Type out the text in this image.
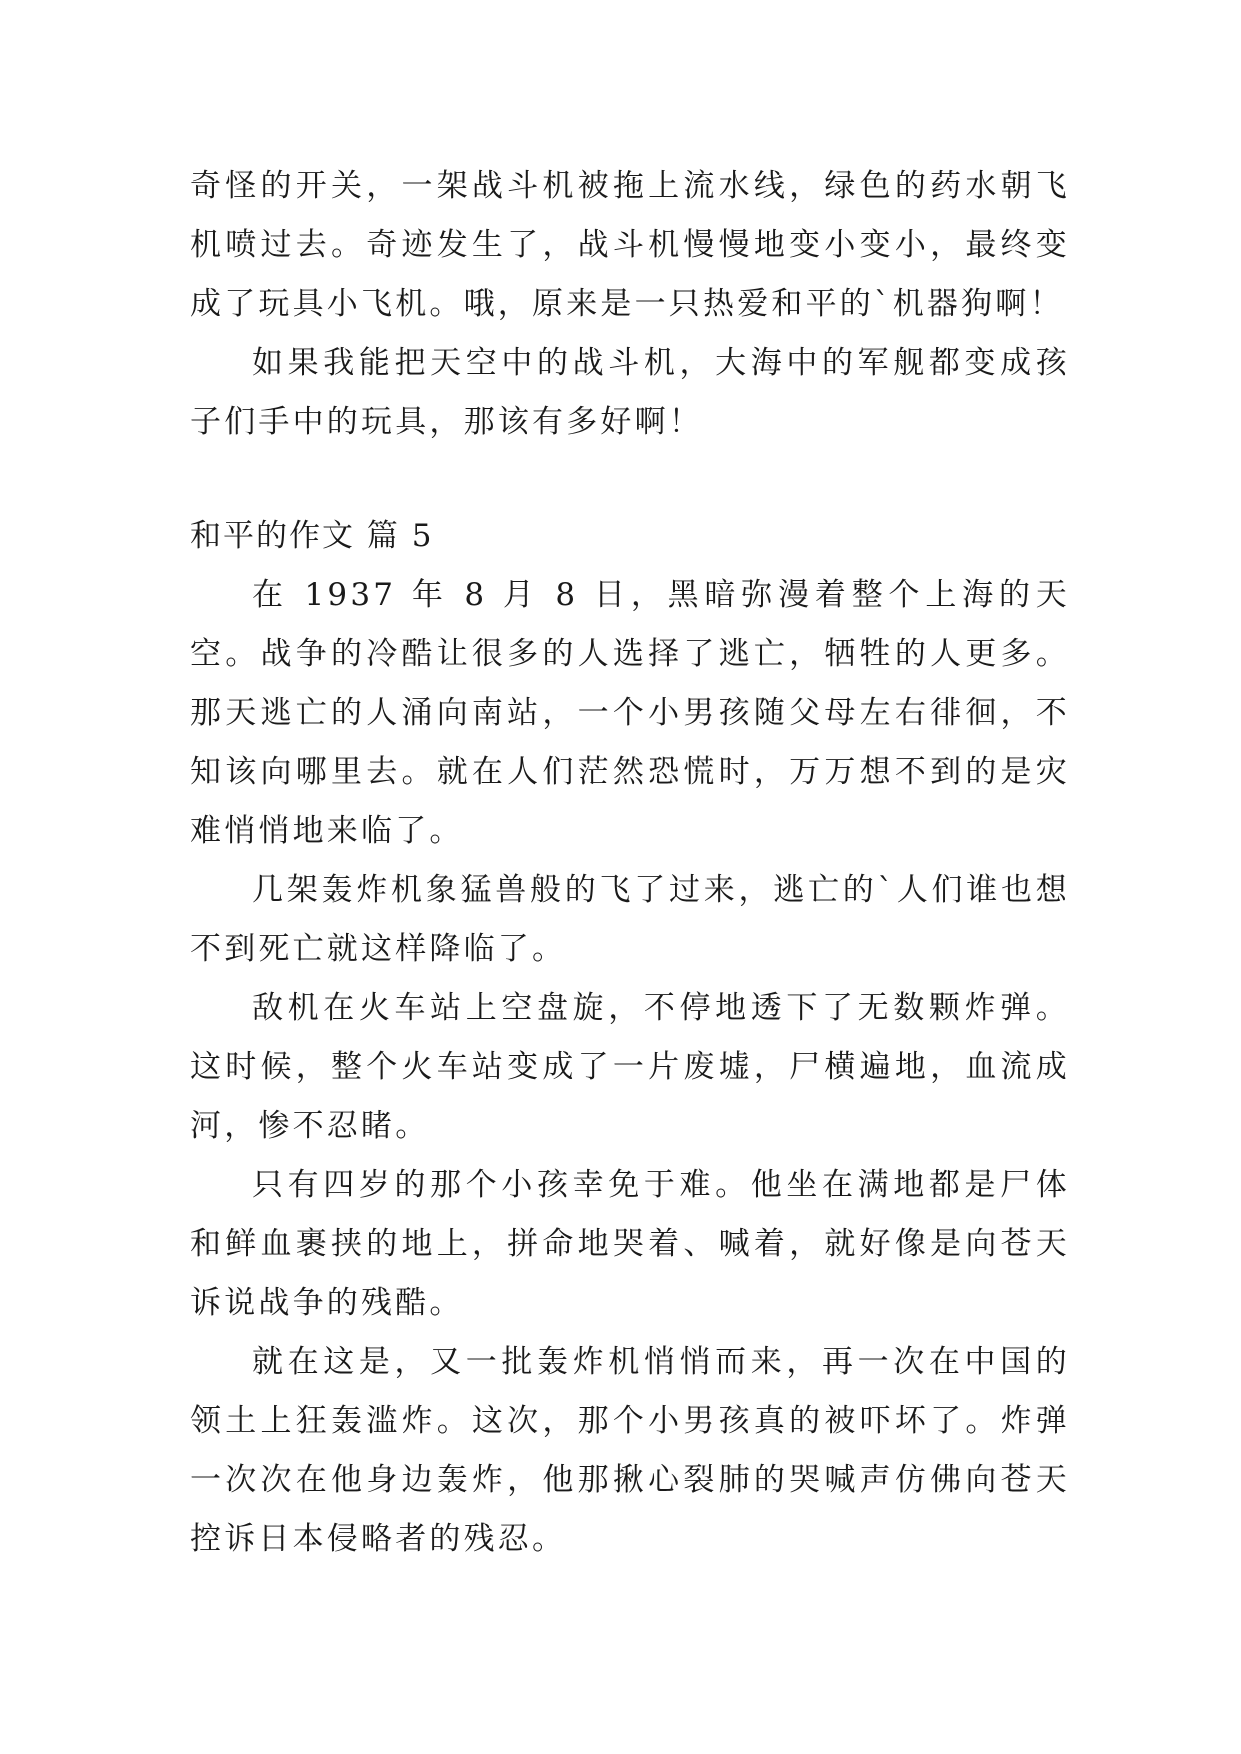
奇怪的开关，一架战斗机被拖上流水线，绿色的药水朝飞机喷过去。奇迹发生了，战斗机慢慢地变小变小，最终变成了玩具小飞机。哦，原来是一只热爱和平的`机器狗啊！

如果我能把天空中的战斗机，大海中的军舰都变成孩子们手中的玩具，那该有多好啊！

和平的作文 篇 5

在 1937 年 8 月 8 日，黑暗弥漫着整个上海的天空。战争的冷酷让很多的人选择了逃亡，牺牲的人更多。那天逃亡的人涌向南站，一个小男孩随父母左右徘徊，不知该向哪里去。就在人们茫然恐慌时，万万想不到的是灾难悄悄地来临了。

几架轰炸机象猛兽般的飞了过来，逃亡的`人们谁也想不到死亡就这样降临了。

敌机在火车站上空盘旋，不停地透下了无数颗炸弹。这时候，整个火车站变成了一片废墟，尸横遍地，血流成河，惨不忍睹。

只有四岁的那个小孩幸免于难。他坐在满地都是尸体和鲜血裹挟的地上，拼命地哭着、喊着，就好像是向苍天诉说战争的残酷。

就在这是，又一批轰炸机悄悄而来，再一次在中国的领土上狂轰滥炸。这次，那个小男孩真的被吓坏了。炸弹一次次在他身边轰炸，他那揪心裂肺的哭喊声仿佛向苍天控诉日本侵略者的残忍。
